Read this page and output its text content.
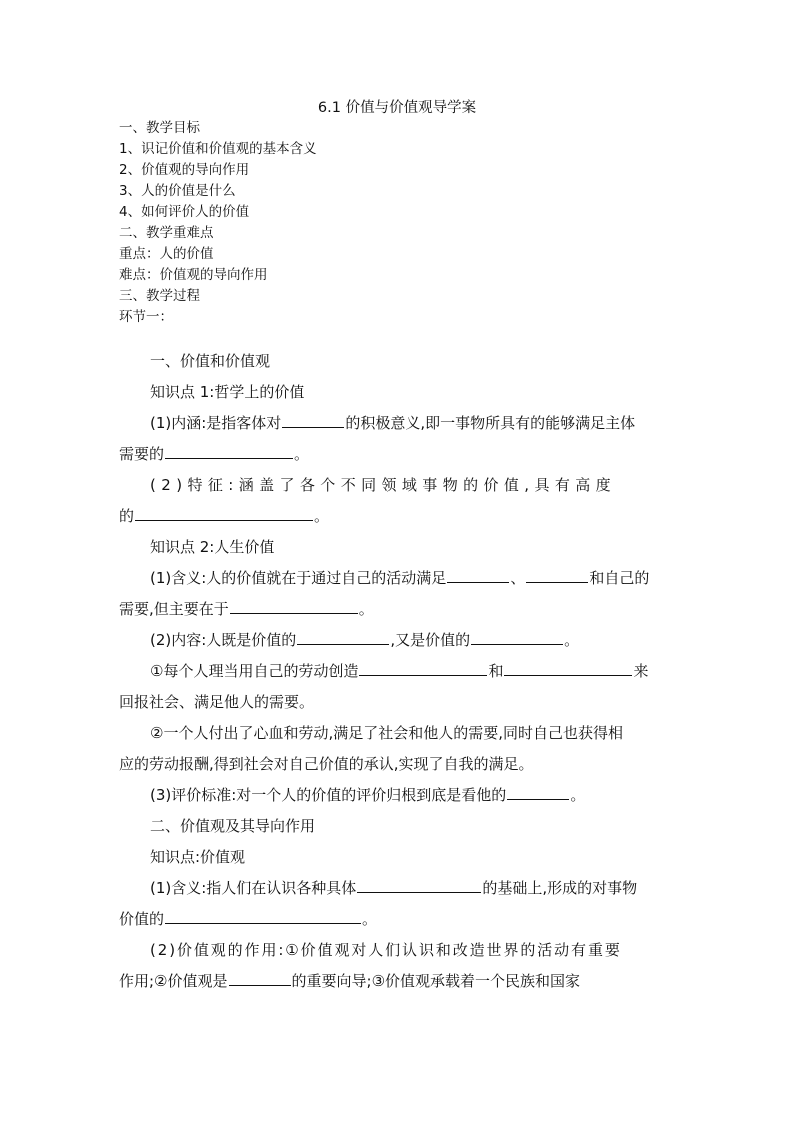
6.1 价值与价值观导学案
一、教学目标
1、识记价值和价值观的基本含义
2、价值观的导向作用
3、人的价值是什么
4、如何评价人的价值
二、教学重难点
重点：人的价值
难点：价值观的导向作用
三、教学过程
环节一：
一、价值和价值观
知识点 1:哲学上的价值
(1)内涵:是指客体对	的积极意义,即一事物所具有的能够满足主体
需要的	。
(2)特征:涵盖了各个不同领域事物的价值,具有高度
的	。
知识点 2:人生价值
(1)含义:人的价值就在于通过自己的活动满足	、	和自己的
需要,但主要在于	。
(2)内容:人既是价值的	,又是价值的	。
①每个人理当用自己的劳动创造	和	来
回报社会、满足他人的需要。
②一个人付出了心血和劳动,满足了社会和他人的需要,同时自己也获得相
应的劳动报酬,得到社会对自己价值的承认,实现了自我的满足。
(3)评价标准:对一个人的价值的评价归根到底是看他的	。
二、价值观及其导向作用
知识点:价值观
(1)含义:指人们在认识各种具体	的基础上,形成的对事物
价值的	。
(2)价值观的作用:①价值观对人们认识和改造世界的活动有重要
作用;②价值观是	的重要向导;③价值观承载着一个民族和国家
